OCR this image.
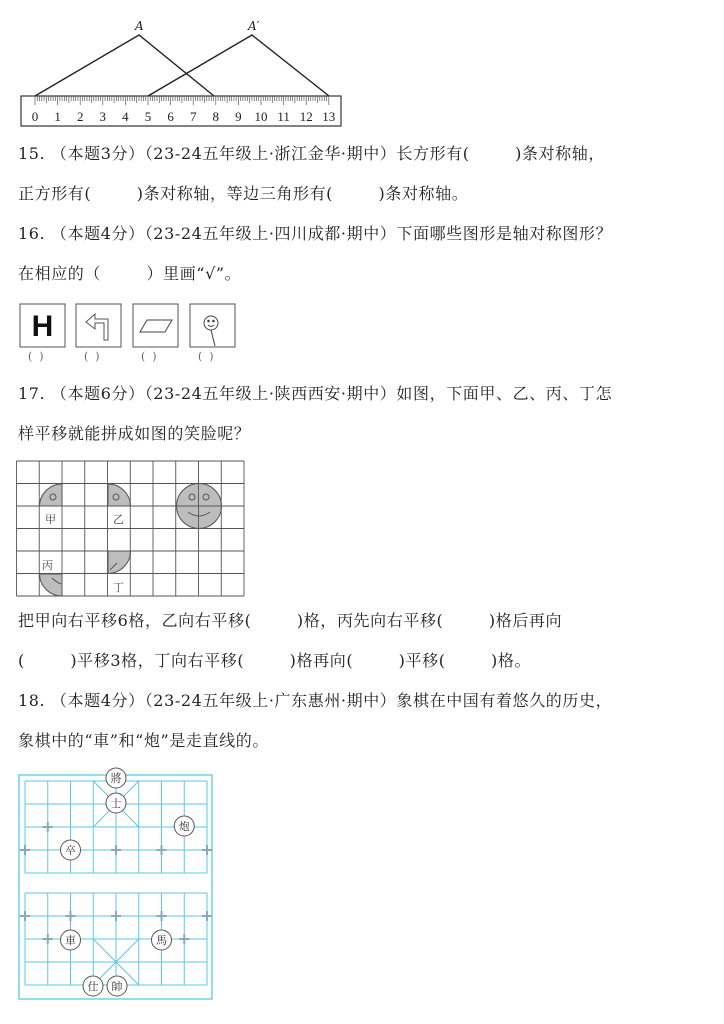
A	A′
0 1 2 3 4 5 6 7 8 9 10 11 12 13
15. （本题3分）（23-24五年级上·浙江金华·期中）长方形有(        )条对称轴，
正方形有(        )条对称轴，等边三角形有(        )条对称轴。
16. （本题4分）（23-24五年级上·四川成都·期中）下面哪些图形是轴对称图形？
在相应的（        ）里画“√”。
H
(  )	(  )	(  )	(  )
17. （本题6分）（23-24五年级上·陕西西安·期中）如图，下面甲、乙、丙、丁怎
样平移就能拼成如图的笑脸呢？
甲	乙
丙
丁
把甲向右平移6格，乙向右平移(        )格，丙先向右平移(        )格后再向
(        )平移3格，丁向右平移(        )格再向(        )平移(        )格。
18. （本题4分）（23-24五年级上·广东惠州·期中）象棋在中国有着悠久的历史，
象棋中的“車”和“炮”是走直线的。
將
士
炮
卒
車	馬
仕 帥
